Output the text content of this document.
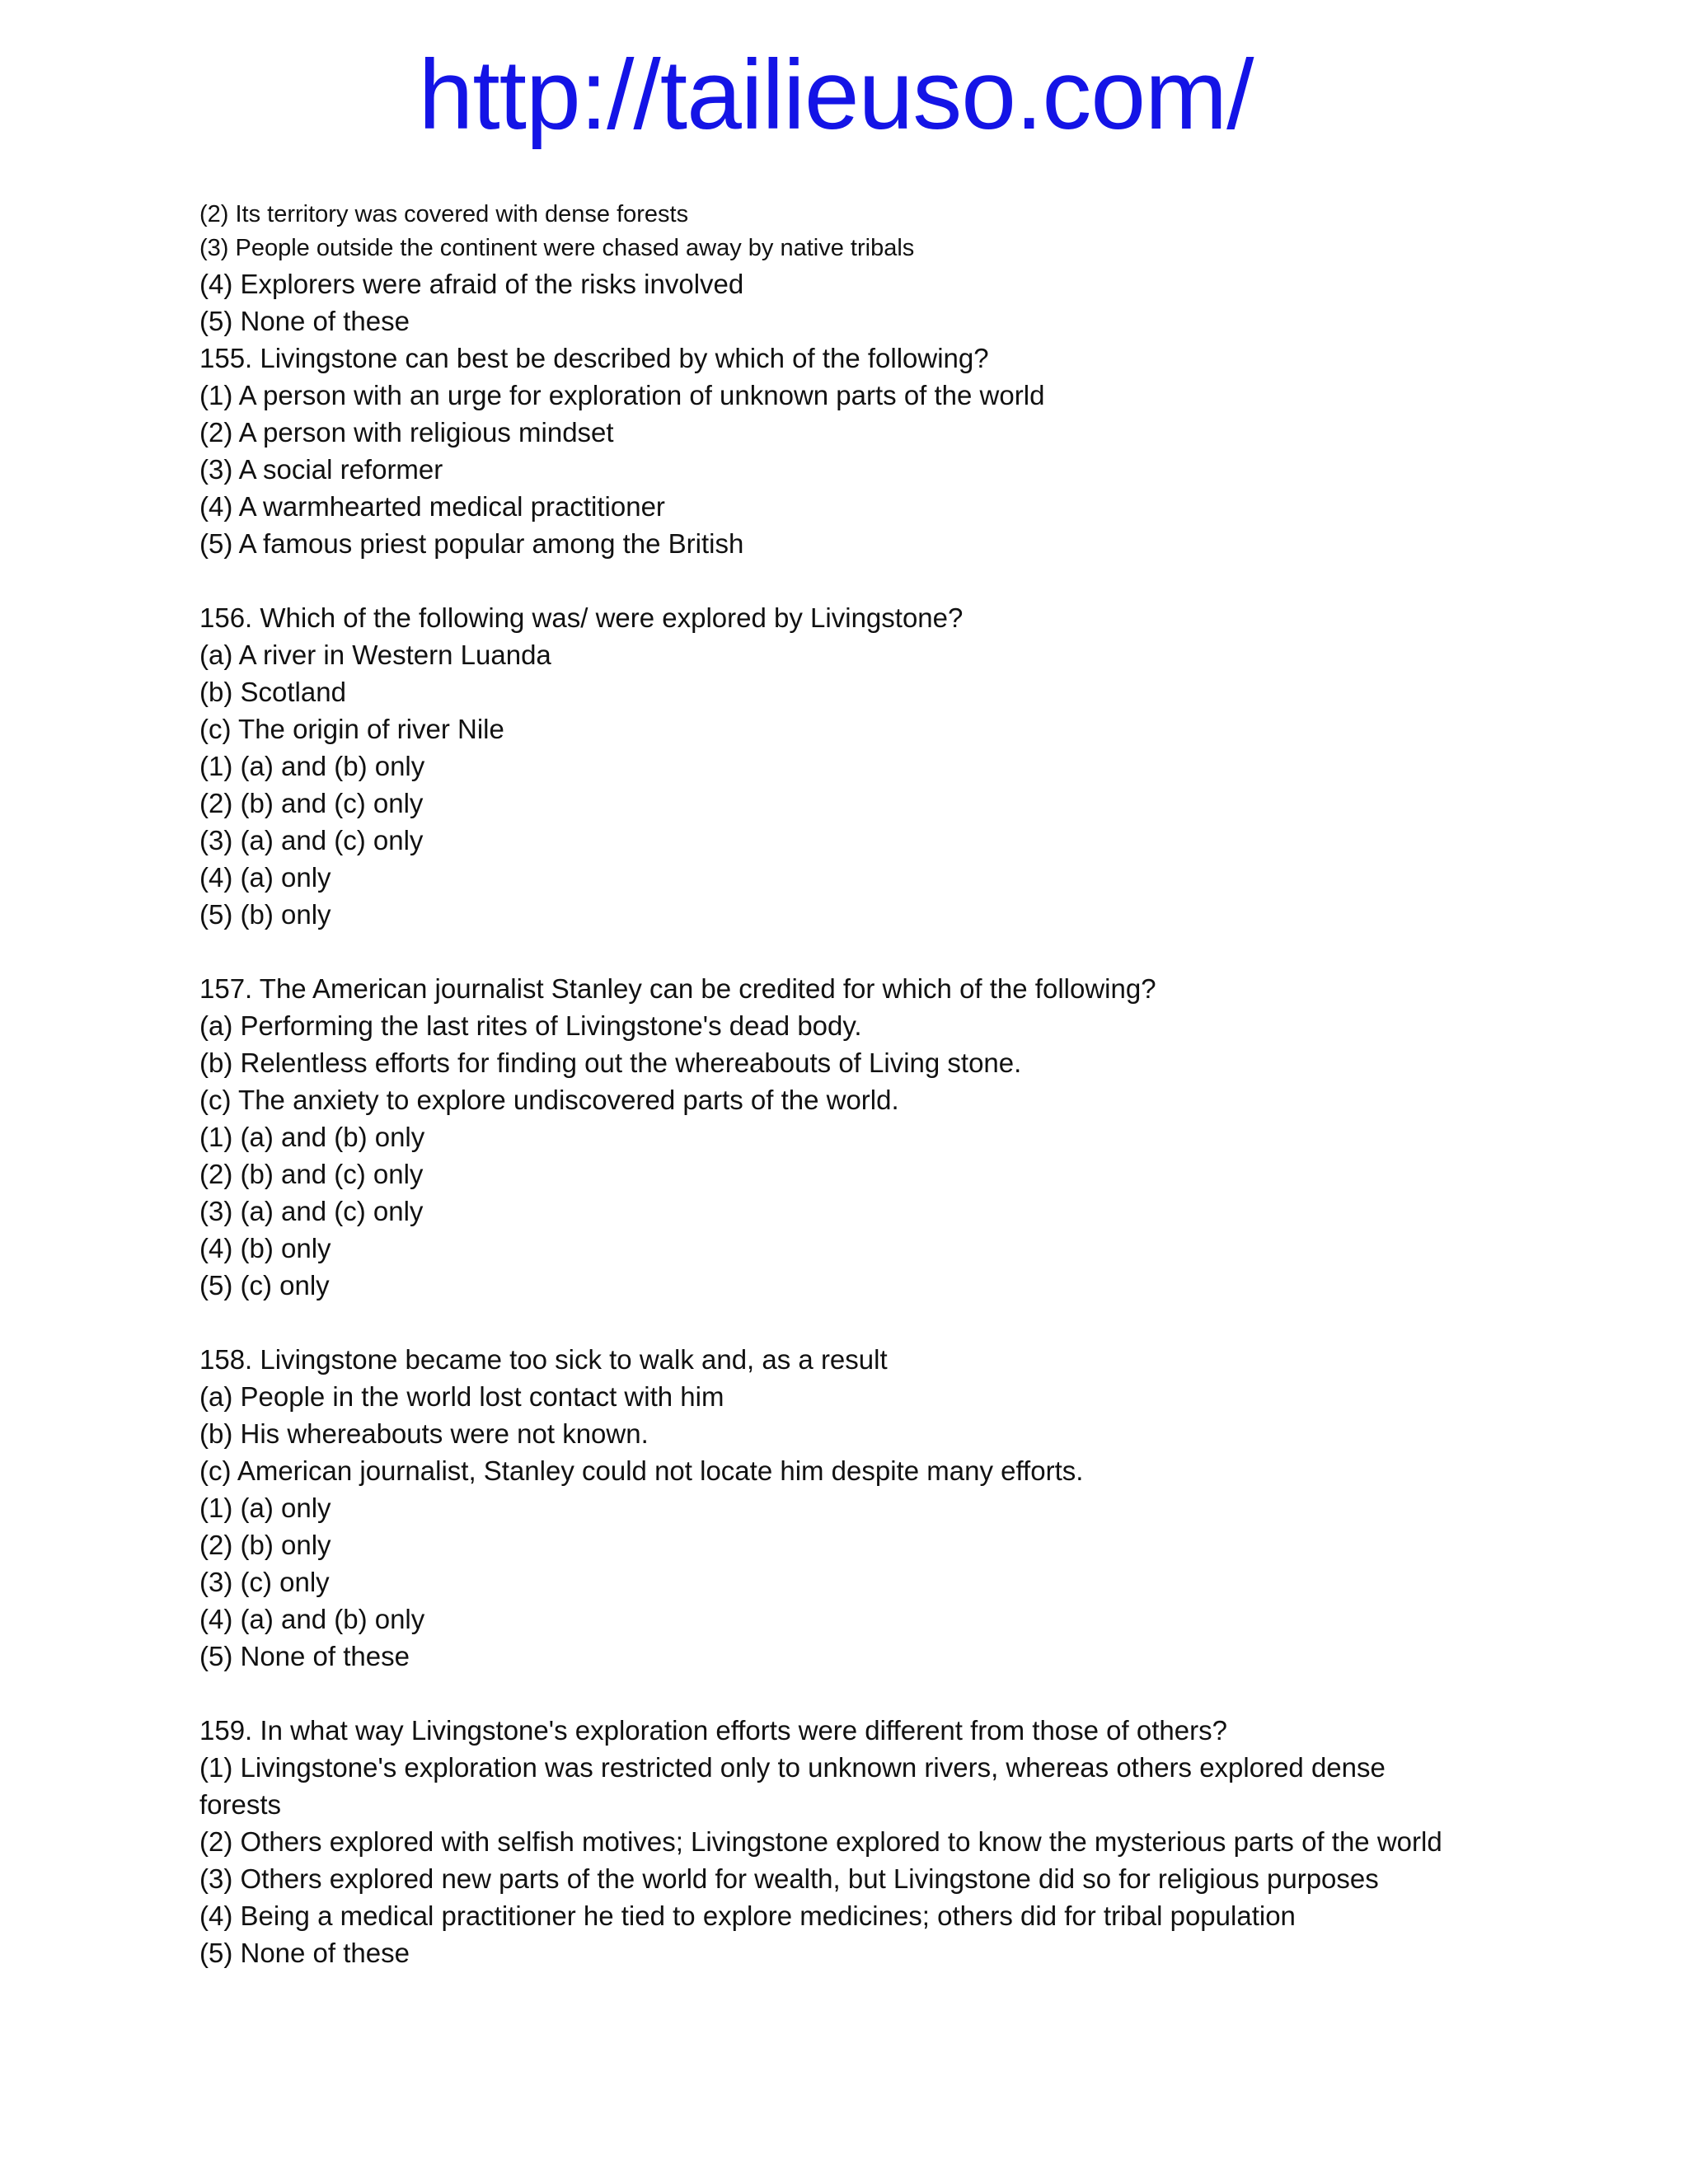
http://tailieuso.com/
(2) Its territory was covered with dense forests
(3) People outside the continent were chased away by native tribals
(4) Explorers were afraid of the risks involved
(5) None of these
155. Livingstone can best be described by which of the following?
(1) A person with an urge for exploration of unknown parts of the world
(2) A person with religious mindset
(3) A social reformer
(4) A warmhearted medical practitioner
(5) A famous priest popular among the British
156. Which of the following was/ were explored by Livingstone?
(a) A river in Western Luanda
(b) Scotland
(c) The origin of river Nile
(1) (a) and (b) only
(2) (b) and (c) only
(3) (a) and (c) only
(4) (a) only
(5) (b) only
157. The American journalist Stanley can be credited for which of the following?
(a) Performing the last rites of Livingstone's dead body.
(b) Relentless efforts for finding out the whereabouts of Living stone.
(c) The anxiety to explore undiscovered parts of the world.
(1) (a) and (b) only
(2) (b) and (c) only
(3) (a) and (c) only
(4) (b) only
(5) (c) only
158. Livingstone became too sick to walk and, as a result
(a) People in the world lost contact with him
(b) His whereabouts were not known.
(c) American journalist, Stanley could not locate him despite many efforts.
(1) (a) only
(2) (b) only
(3) (c) only
(4) (a) and (b) only
(5) None of these
159. In what way Livingstone's exploration efforts were different from those of others?
(1) Livingstone's exploration was restricted only to unknown rivers, whereas others explored dense
forests
(2) Others explored with selfish motives; Livingstone explored to know the mysterious parts of the world
(3) Others explored new parts of the world for wealth, but Livingstone did so for religious purposes
(4) Being a medical practitioner he tied to explore medicines; others did for tribal population
(5) None of these
